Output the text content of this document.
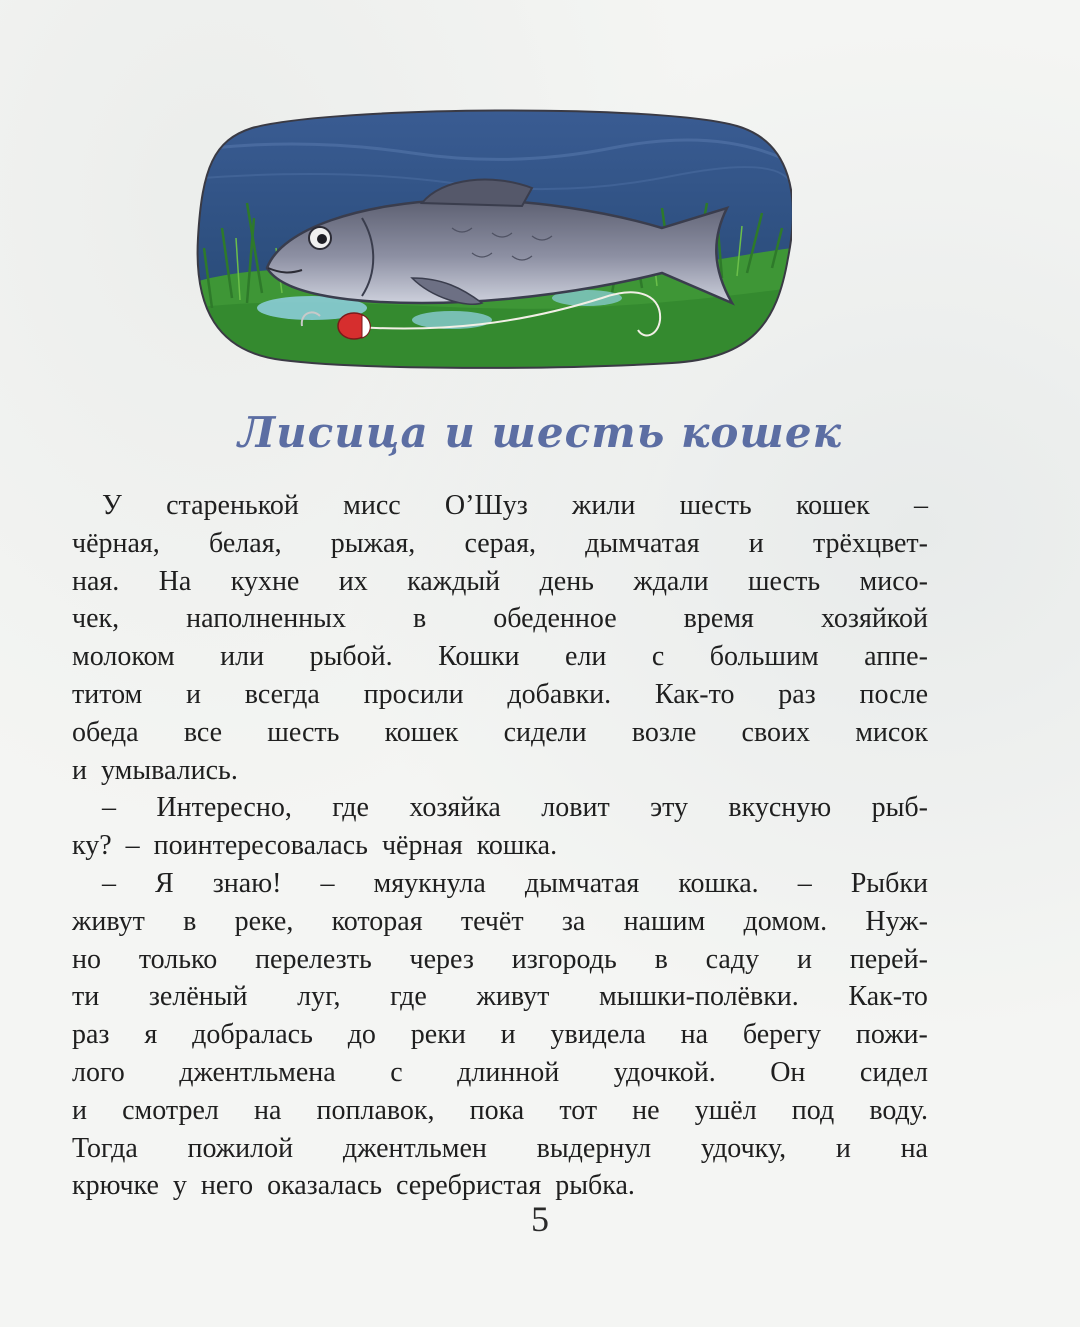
Лисица и шесть кошек
У старенькой мисс О’Шуз жили шесть кошек –
чёрная, белая, рыжая, серая, дымчатая и трёхцвет-
ная. На кухне их каждый день ждали шесть мисо-
чек, наполненных в обеденное время хозяйкой
молоком или рыбой. Кошки ели с большим аппе-
титом и всегда просили добавки. Как-то раз после
обеда все шесть кошек сидели возле своих мисок
и умывались.
– Интересно, где хозяйка ловит эту вкусную рыб-
ку? – поинтересовалась чёрная кошка.
– Я знаю! – мяукнула дымчатая кошка. – Рыбки
живут в реке, которая течёт за нашим домом. Нуж-
но только перелезть через изгородь в саду и перей-
ти зелёный луг, где живут мышки-полёвки. Как-то
раз я добралась до реки и увидела на берегу пожи-
лого джентльмена с длинной удочкой. Он сидел
и смотрел на поплавок, пока тот не ушёл под воду.
Тогда пожилой джентльмен выдернул удочку, и на
крючке у него оказалась серебристая рыбка.
5
